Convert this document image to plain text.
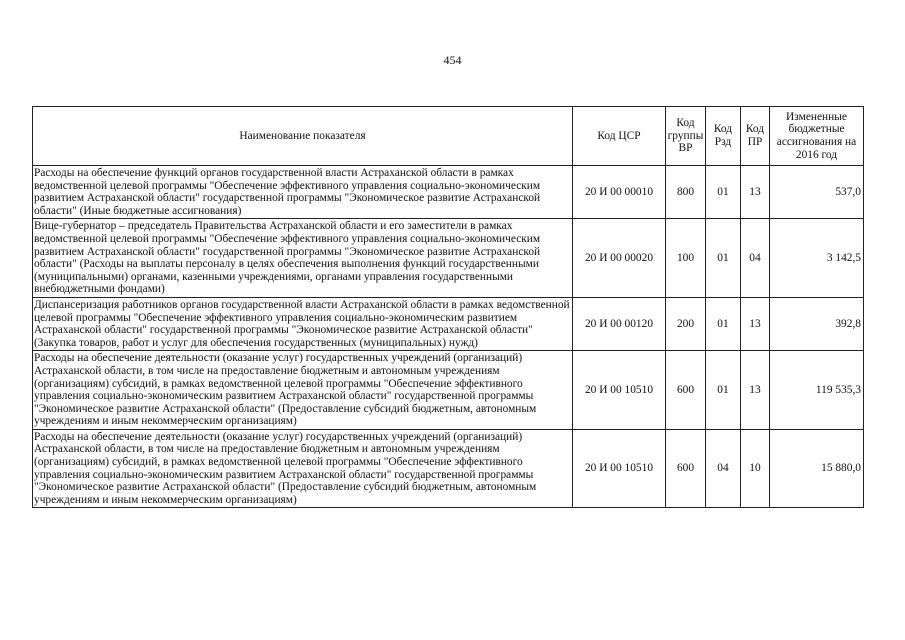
454
Наименование показателя	Код ЦСР	Код группы ВР	Код Рзд	Код ПР	Измененные бюджетные ассигнования на 2016 год
Расходы на обеспечение функций органов государственной власти Астраханской области в рамках ведомственной целевой программы "Обеспечение эффективного управления социально-экономическим развитием Астраханской области" государственной программы "Экономическое развитие Астраханской области" (Иные бюджетные ассигнования)	20 И 00 00010	800	01	13	537,0
Вице-губернатор – председатель Правительства Астраханской области и его заместители в рамках ведомственной целевой программы "Обеспечение эффективного управления социально-экономическим развитием Астраханской области" государственной программы "Экономическое развитие Астраханской области" (Расходы на выплаты персоналу в целях обеспечения выполнения функций государственными (муниципальными) органами, казенными учреждениями, органами управления государственными внебюджетными фондами)	20 И 00 00020	100	01	04	3 142,5
Диспансеризация работников органов государственной власти Астраханской области в рамках ведомственной целевой программы "Обеспечение эффективного управления социально-экономическим развитием Астраханской области" государственной программы "Экономическое развитие Астраханской области" (Закупка товаров, работ и услуг для обеспечения государственных (муниципальных) нужд)	20 И 00 00120	200	01	13	392,8
Расходы на обеспечение деятельности (оказание услуг) государственных учреждений (организаций) Астраханской области, в том числе на предоставление бюджетным и автономным учреждениям (организациям) субсидий, в рамках ведомственной целевой программы "Обеспечение эффективного управления социально-экономическим развитием Астраханской области" государственной программы "Экономическое развитие Астраханской области" (Предоставление субсидий бюджетным, автономным учреждениям и иным некоммерческим организациям)	20 И 00 10510	600	01	13	119 535,3
Расходы на обеспечение деятельности (оказание услуг) государственных учреждений (организаций) Астраханской области, в том числе на предоставление бюджетным и автономным учреждениям (организациям) субсидий, в рамках ведомственной целевой программы "Обеспечение эффективного управления социально-экономическим развитием Астраханской области" государственной программы "Экономическое развитие Астраханской области" (Предоставление субсидий бюджетным, автономным учреждениям и иным некоммерческим организациям)	20 И 00 10510	600	04	10	15 880,0
